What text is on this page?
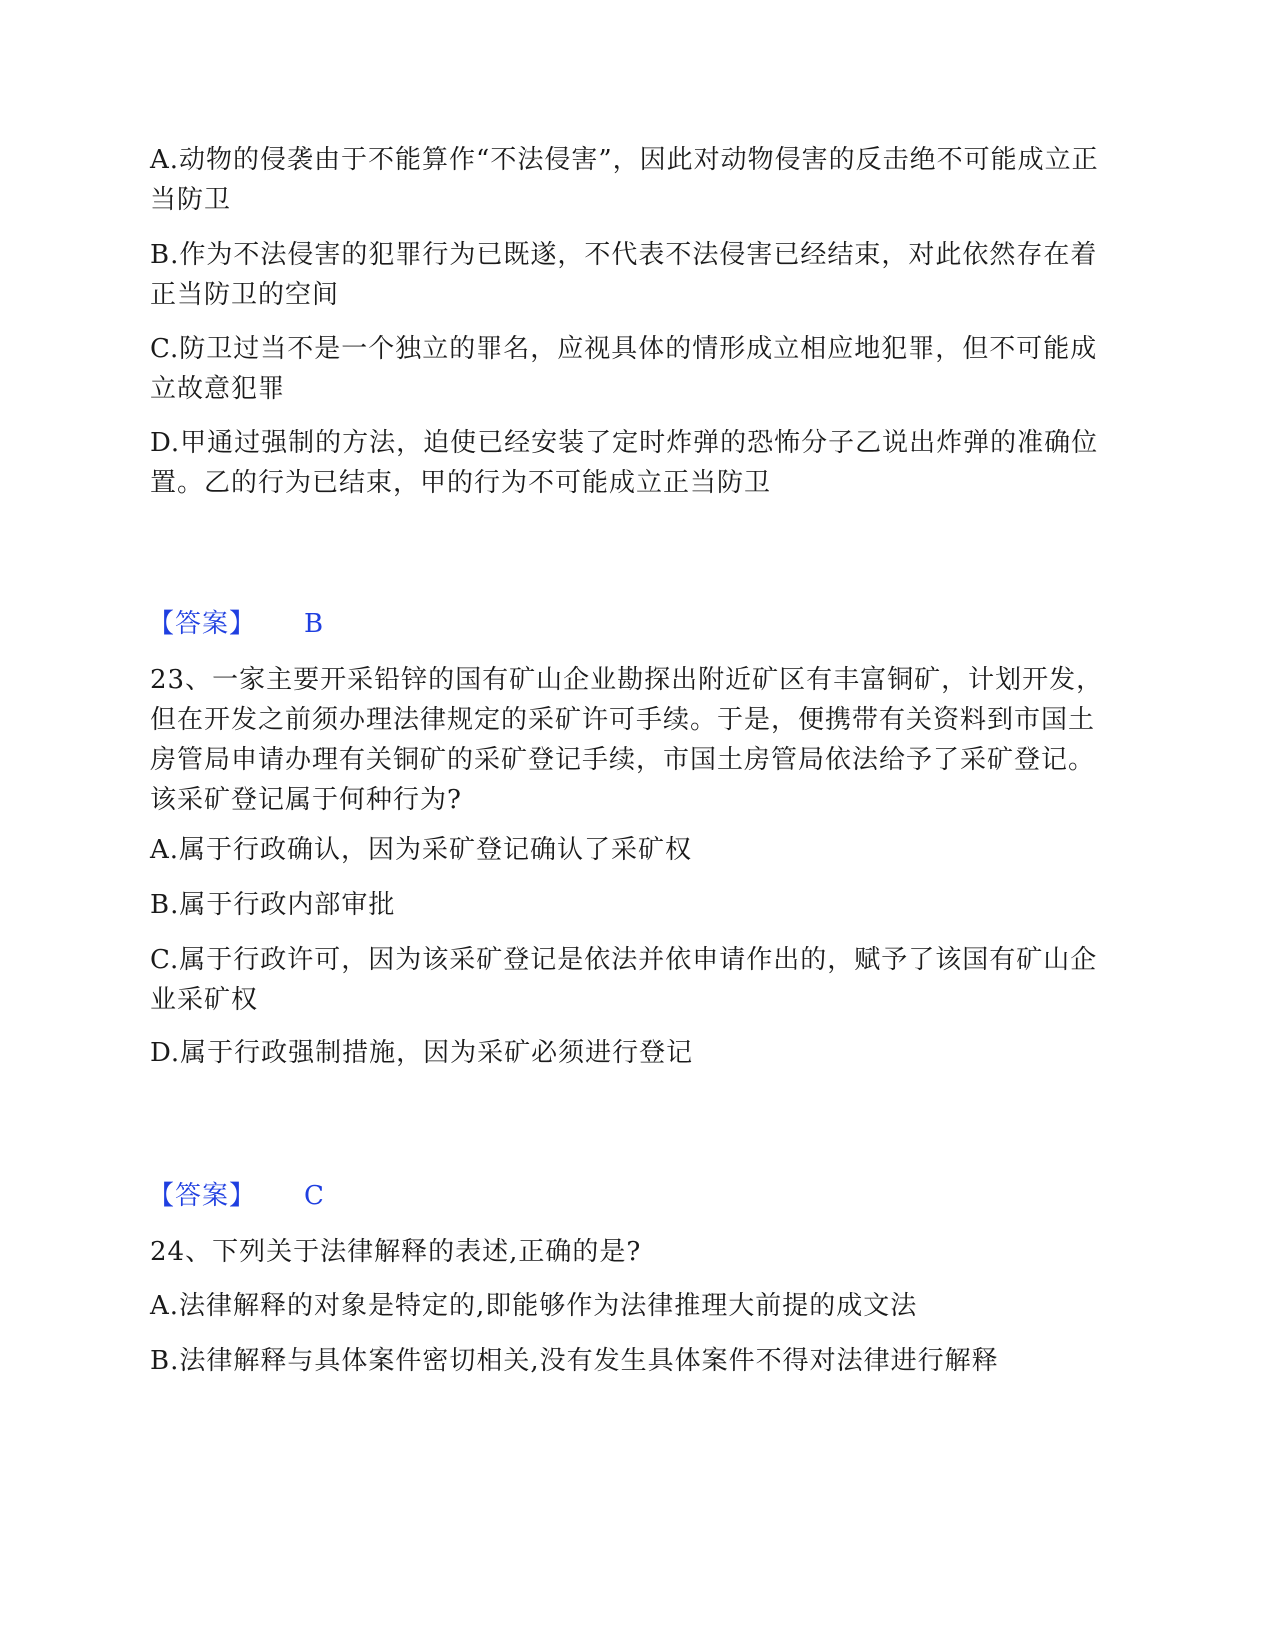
A.动物的侵袭由于不能算作“不法侵害”，因此对动物侵害的反击绝不可能成立正当防卫
B.作为不法侵害的犯罪行为已既遂，不代表不法侵害已经结束，对此依然存在着正当防卫的空间
C.防卫过当不是一个独立的罪名，应视具体的情形成立相应地犯罪，但不可能成立故意犯罪
D.甲通过强制的方法，迫使已经安装了定时炸弹的恐怖分子乙说出炸弹的准确位置。乙的行为已结束，甲的行为不可能成立正当防卫
【答案】 B
23、一家主要开采铅锌的国有矿山企业勘探出附近矿区有丰富铜矿，计划开发，但在开发之前须办理法律规定的采矿许可手续。于是，便携带有关资料到市国土房管局申请办理有关铜矿的采矿登记手续，市国土房管局依法给予了采矿登记。该采矿登记属于何种行为?
A.属于行政确认，因为采矿登记确认了采矿权
B.属于行政内部审批
C.属于行政许可，因为该采矿登记是依法并依申请作出的，赋予了该国有矿山企业采矿权
D.属于行政强制措施，因为采矿必须进行登记
【答案】 C
24、下列关于法律解释的表述,正确的是?
A.法律解释的对象是特定的,即能够作为法律推理大前提的成文法
B.法律解释与具体案件密切相关,没有发生具体案件不得对法律进行解释
